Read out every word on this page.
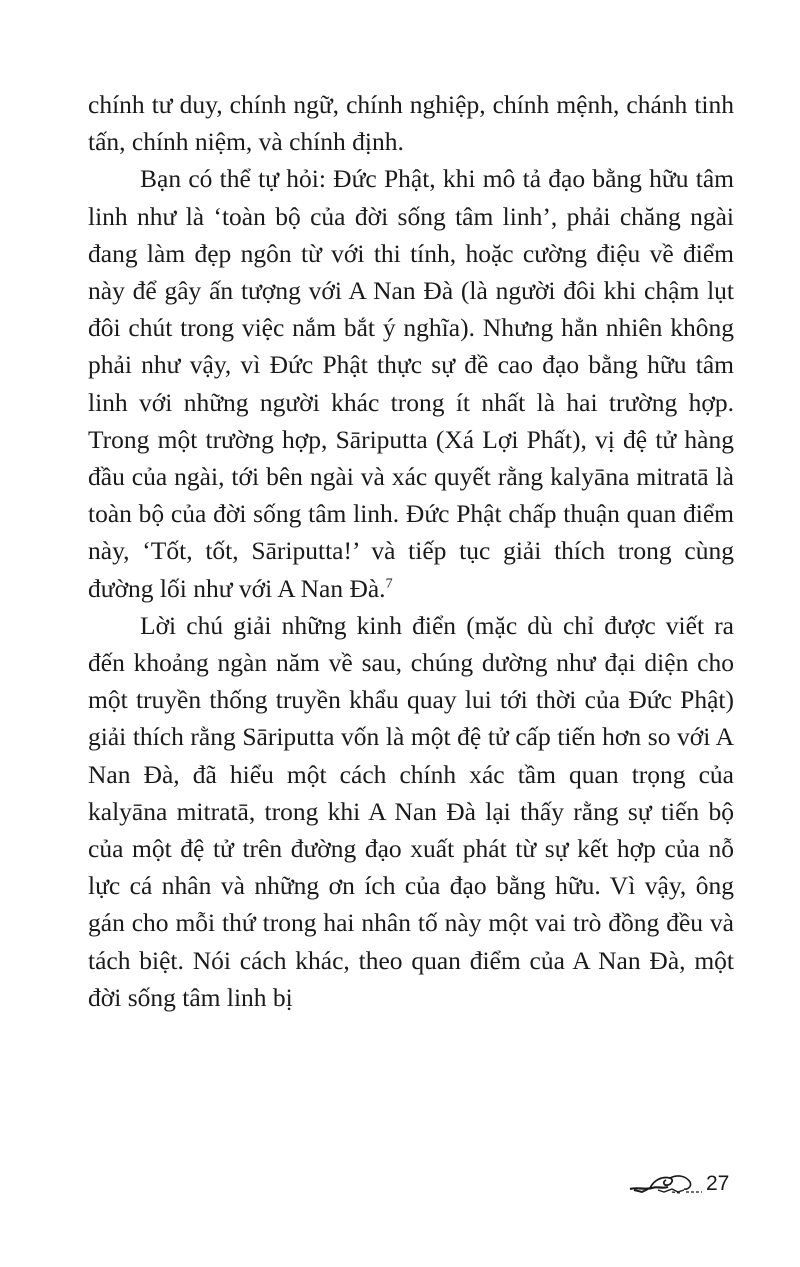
chính tư duy, chính ngữ, chính nghiệp, chính mệnh, chánh tinh tấn, chính niệm, và chính định.

Bạn có thể tự hỏi: Đức Phật, khi mô tả đạo bằng hữu tâm linh như là ‘toàn bộ của đời sống tâm linh’, phải chăng ngài đang làm đẹp ngôn từ với thi tính, hoặc cường điệu về điểm này để gây ấn tượng với A Nan Đà (là người đôi khi chậm lụt đôi chút trong việc nắm bắt ý nghĩa). Nhưng hẳn nhiên không phải như vậy, vì Đức Phật thực sự đề cao đạo bằng hữu tâm linh với những người khác trong ít nhất là hai trường hợp. Trong một trường hợp, Sāriputta (Xá Lợi Phất), vị đệ tử hàng đầu của ngài, tới bên ngài và xác quyết rằng kalyāna mitratā là toàn bộ của đời sống tâm linh. Đức Phật chấp thuận quan điểm này, ‘Tốt, tốt, Sāriputta!’ và tiếp tục giải thích trong cùng đường lối như với A Nan Đà.$^7$

Lời chú giải những kinh điển (mặc dù chỉ được viết ra đến khoảng ngàn năm về sau, chúng dường như đại diện cho một truyền thống truyền khẩu quay lui tới thời của Đức Phật) giải thích rằng Sāriputta vốn là một đệ tử cấp tiến hơn so với A Nan Đà, đã hiểu một cách chính xác tầm quan trọng của kalyāna mitratā, trong khi A Nan Đà lại thấy rằng sự tiến bộ của một đệ tử trên đường đạo xuất phát từ sự kết hợp của nỗ lực cá nhân và những ơn ích của đạo bằng hữu. Vì vậy, ông gán cho mỗi thứ trong hai nhân tố này một vai trò đồng đều và tách biệt. Nói cách khác, theo quan điểm của A Nan Đà, một đời sống tâm linh bị

27
